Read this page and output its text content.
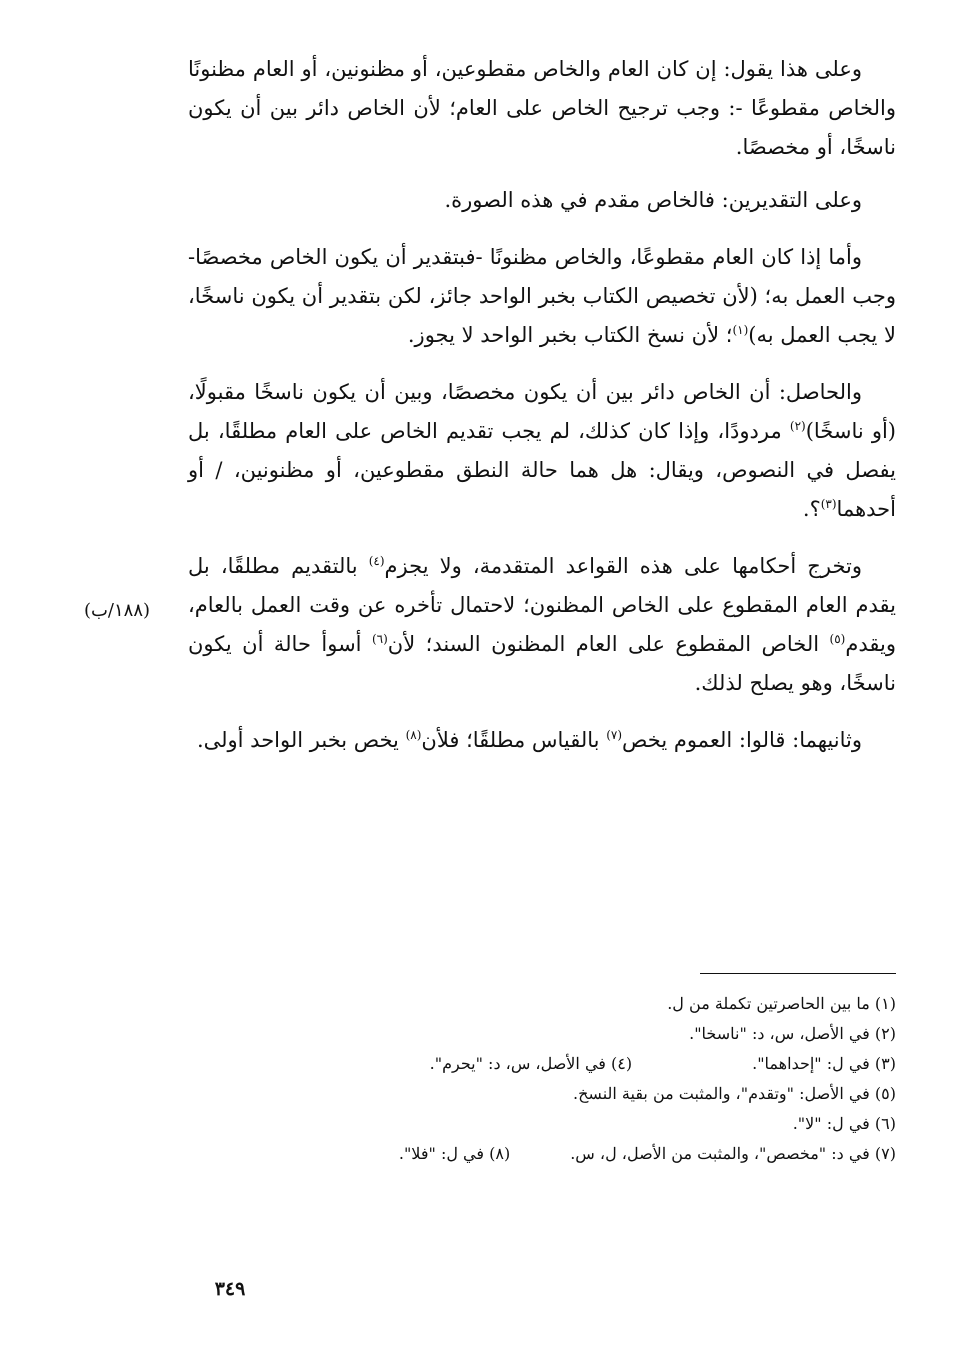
وعلى هذا يقول: إن كان العام والخاص مقطوعين، أو مظنونين، أو العام مظنونًا والخاص مقطوعًا -: وجب ترجيح الخاص على العام؛ لأن الخاص دائر بين أن يكون ناسخًا، أو مخصصًا.

وعلى التقديرين: فالخاص مقدم في هذه الصورة.

وأما إذا كان العام مقطوعًا، والخاص مظنونًا -فبتقدير أن يكون الخاص مخصصًا- وجب العمل به؛ (لأن تخصيص الكتاب بخبر الواحد جائز، لكن بتقدير أن يكون ناسخًا، لا يجب العمل به)$^{(١)}$؛ لأن نسخ الكتاب بخبر الواحد لا يجوز.

والحاصل: أن الخاص دائر بين أن يكون مخصصًا، وبين أن يكون ناسخًا مقبولًا، (أو ناسخًا)$^{(٢)}$ مردودًا، وإذا كان كذلك، لم يجب تقديم الخاص على العام مطلقًا، بل يفصل في النصوص، ويقال: هل هما حالة النطق مقطوعين، أو مظنونين، / أو أحدهما$^{(٣)}$؟.

وتخرج أحكامها على هذه القواعد المتقدمة، ولا يجزم$^{(٤)}$ بالتقديم مطلقًا، بل يقدم العام المقطوع على الخاص المظنون؛ لاحتمال تأخره عن وقت العمل بالعام، ويقدم$^{(٥)}$ الخاص المقطوع على العام المظنون السند؛ لأن$^{(٦)}$ أسوأ حالة أن يكون ناسخًا، وهو يصلح لذلك.

وثانيهما: قالوا: العموم يخص$^{(٧)}$ بالقياس مطلقًا؛ فلأن$^{(٨)}$ يخص بخبر الواحد أولى.

(١٨٨/ب)
(١) ما بين الحاصرتين تكملة من ل.
(٢) في الأصل، س، د: "ناسخا".
(٣) في ل: "إحداهما".
(٤) في الأصل، س، د: "يحرم".
(٥) في الأصل: "وتقدم"، والمثبت من بقية النسخ.
(٦) في ل: "لا".
(٧) في د: "مخصص"، والمثبت من الأصل، ل، س.
(٨) في ل: "فلا".
٣٤٩
